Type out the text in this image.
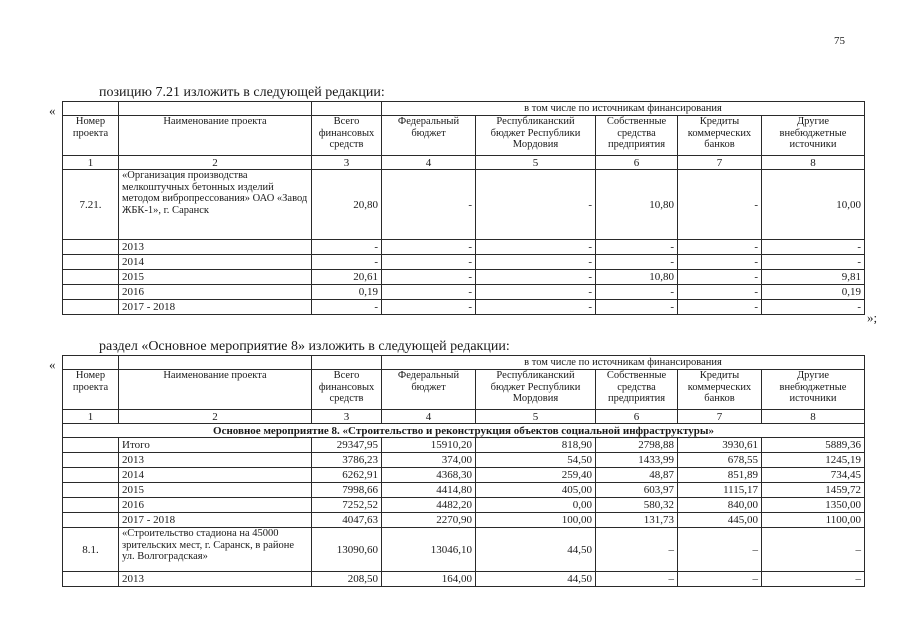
75
позицию 7.21 изложить в следующей редакции:
«
				в том числе по источникам финансирования				
Номер проекта	Наименование проекта	Всего финансовых средств	Федеральный бюджет	Республиканский бюджет Республики Мордовия	Собственные средства предприятия	Кредиты коммерческих банков	Другие внебюджетные источники
1	2	3	4	5	6	7	8
7.21.	«Организация производства мелкоштучных бетонных изделий методом вибропрессования» ОАО «Завод ЖБК-1», г. Саранск	20,80	-	-	10,80	-	10,00
	2013	-	-	-	-	-	-
	2014	-	-	-	-	-	-
	2015	20,61	-	-	10,80	-	9,81
	2016	0,19	-	-	-	-	0,19
	2017 - 2018	-	-	-	-	-	-
»;
раздел «Основное мероприятие 8» изложить в следующей редакции:
«
				в том числе по источникам финансирования				
Номер проекта	Наименование проекта	Всего финансовых средств	Федеральный бюджет	Республиканский бюджет Республики Мордовия	Собственные средства предприятия	Кредиты коммерческих банков	Другие внебюджетные источники
1	2	3	4	5	6	7	8
Основное мероприятие 8. «Строительство и реконструкция объектов социальной инфраструктуры»							
	Итого	29347,95	15910,20	818,90	2798,88	3930,61	5889,36
	2013	3786,23	374,00	54,50	1433,99	678,55	1245,19
	2014	6262,91	4368,30	259,40	48,87	851,89	734,45
	2015	7998,66	4414,80	405,00	603,97	1115,17	1459,72
	2016	7252,52	4482,20	0,00	580,32	840,00	1350,00
	2017 - 2018	4047,63	2270,90	100,00	131,73	445,00	1100,00
8.1.	«Строительство стадиона на 45000 зрительских мест, г. Саранск, в районе ул. Волгоградская»	13090,60	13046,10	44,50	–	–	–
	2013	208,50	164,00	44,50	–	–	–
